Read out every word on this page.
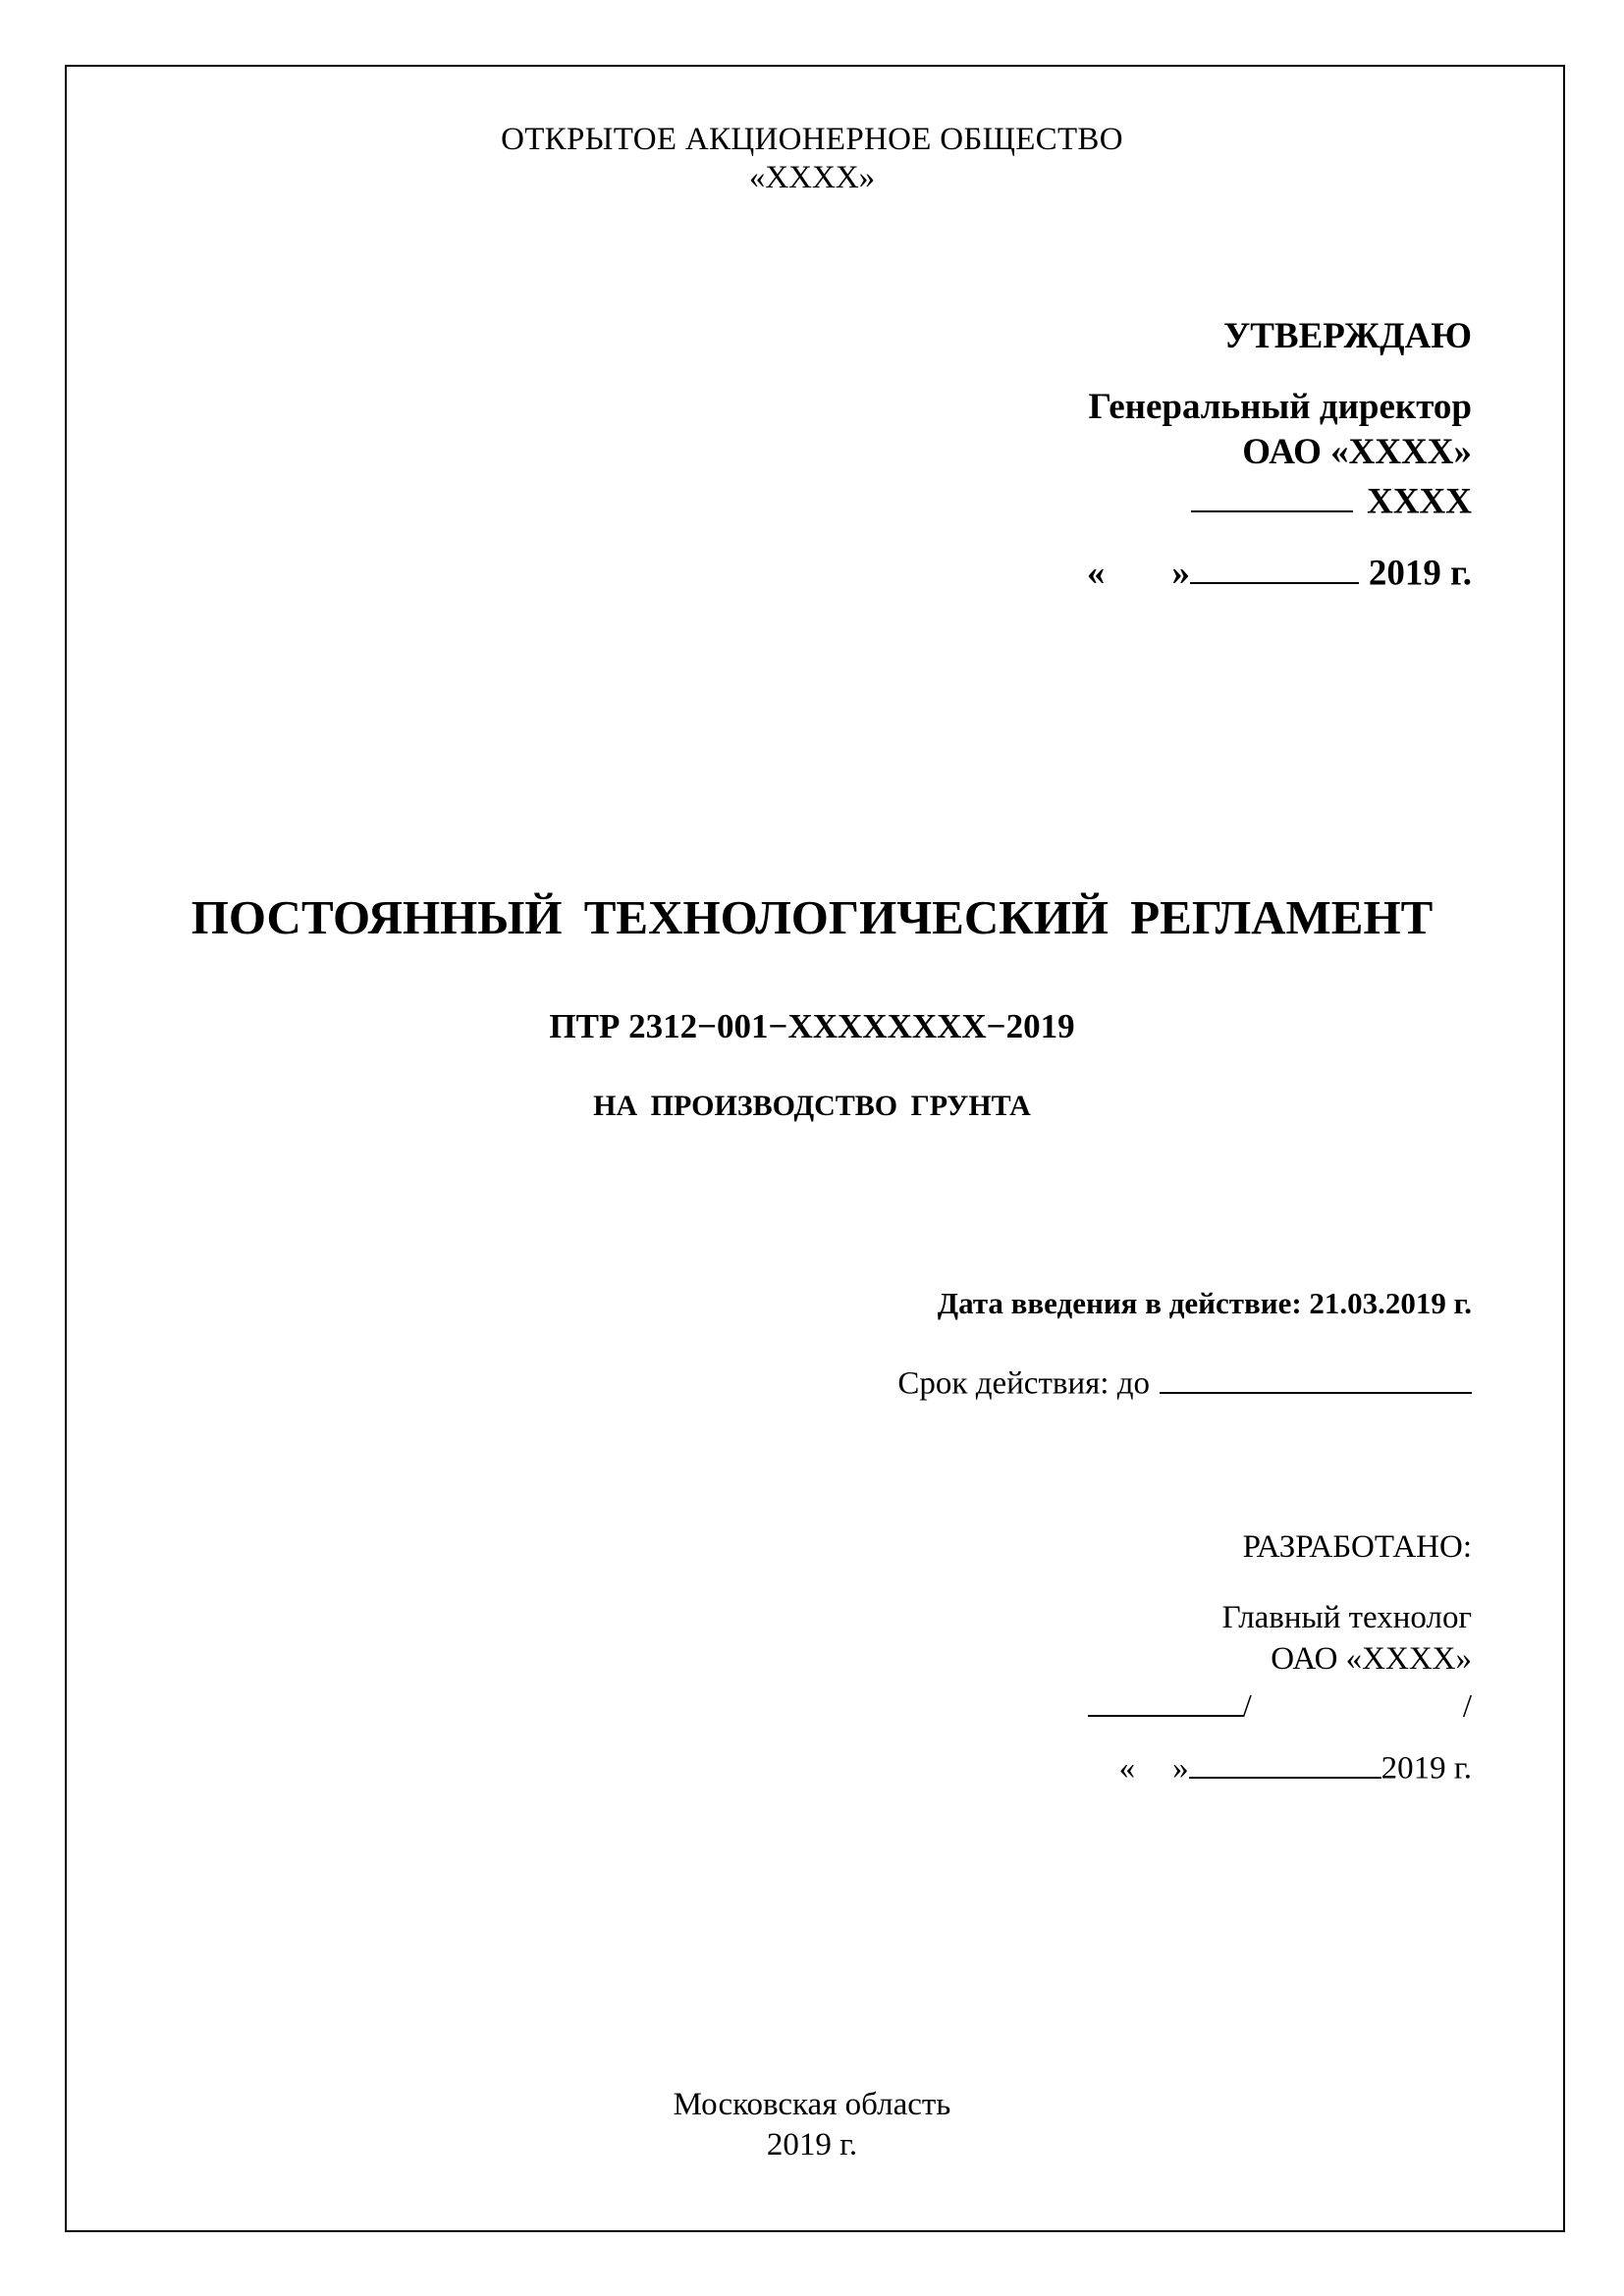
ОТКРЫТОЕ АКЦИОНЕРНОЕ ОБЩЕСТВО
«XXXX»
УТВЕРЖДАЮ
Генеральный директор
ОАО «XXXX»
XXXX
« »	2019 г.
ПОСТОЯННЫЙ ТЕХНОЛОГИЧЕСКИЙ РЕГЛАМЕНТ
ПТР 2312−001−XXXXXXXX−2019
НА ПРОИЗВОДСТВО ГРУНТА
Дата введения в действие: 21.03.2019 г.
Срок действия: до
РАЗРАБОТАНО:
Главный технолог
ОАО «XXXX»
/	/
« »	2019 г.
Московская область
2019 г.
